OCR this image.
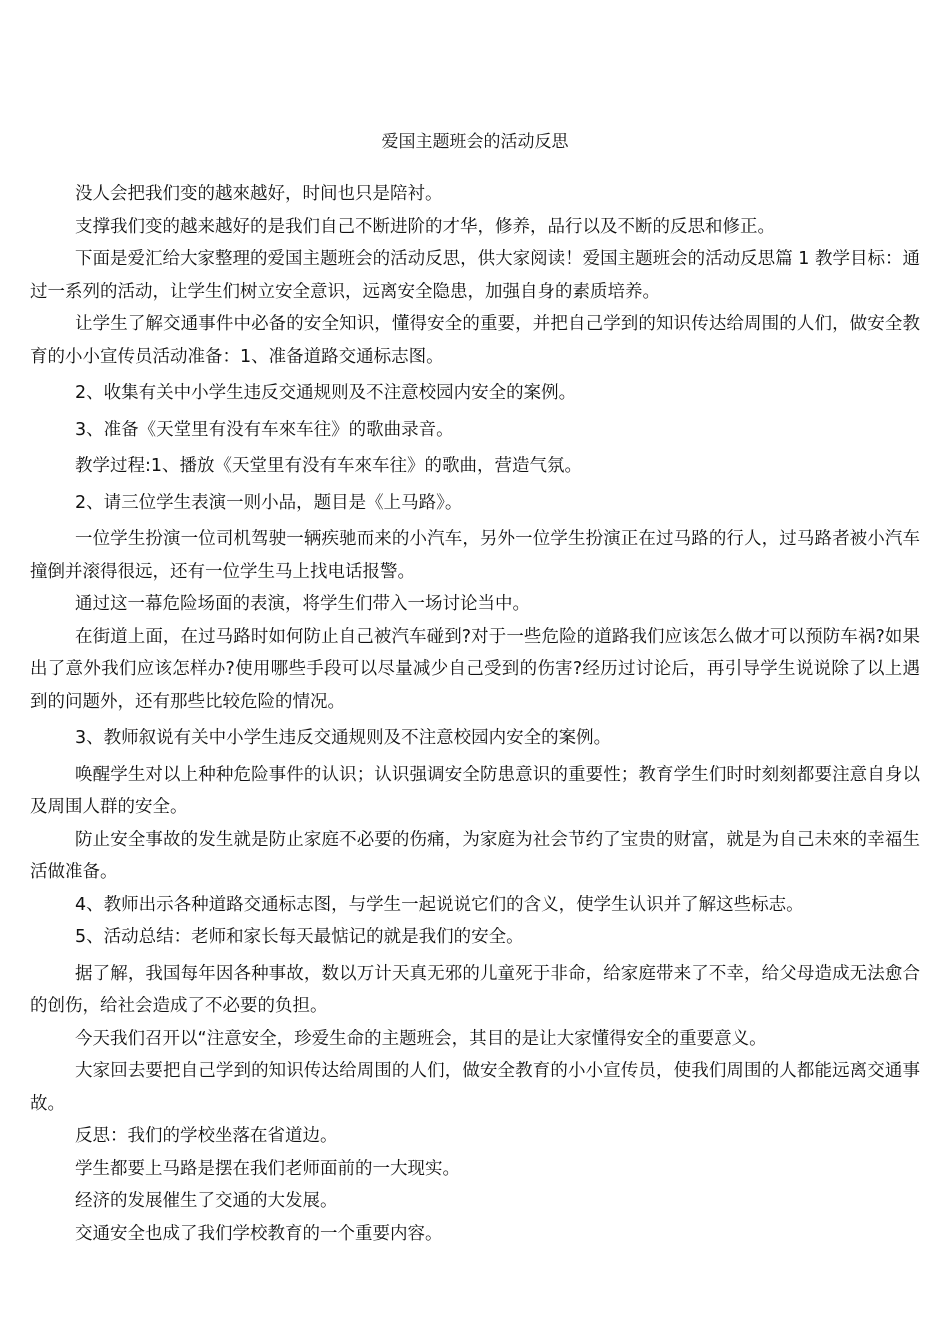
爱国主题班会的活动反思

没人会把我们变的越來越好，时间也只是陪衬。

支撑我们变的越来越好的是我们自己不断进阶的才华，修养，品行以及不断的反思和修正。

下面是爱汇给大家整理的爱国主题班会的活动反思，供大家阅读！爱国主题班会的活动反思篇 1 教学目标：通过一系列的活动，让学生们树立安全意识，远离安全隐患，加强自身的素质培养。

让学生了解交通事件中必备的安全知识，懂得安全的重要，并把自己学到的知识传达给周围的人们，做安全教育的小小宣传员活动准备：1、准备道路交通标志图。

2、收集有关中小学生违反交通规则及不注意校园内安全的案例。

3、准备《天堂里有没有车來车往》的歌曲录音。

教学过程:1、播放《天堂里有没有车來车往》的歌曲，营造气氛。

2、请三位学生表演一则小品，题目是《上马路》。

一位学生扮演一位司机驾驶一辆疾驰而来的小汽车，另外一位学生扮演正在过马路的行人，过马路者被小汽车撞倒并滚得很远，还有一位学生马上找电话报警。

通过这一幕危险场面的表演，将学生们带入一场讨论当中。

在街道上面，在过马路时如何防止自己被汽车碰到?对于一些危险的道路我们应该怎么做才可以预防车祸?如果出了意外我们应该怎样办?使用哪些手段可以尽量减少自己受到的伤害?经历过讨论后，再引导学生说说除了以上遇到的问题外，还有那些比较危险的情况。

3、教师叙说有关中小学生违反交通规则及不注意校园内安全的案例。

唤醒学生对以上种种危险事件的认识；认识强调安全防患意识的重要性；教育学生们时时刻刻都要注意自身以及周围人群的安全。

防止安全事故的发生就是防止家庭不必要的伤痛，为家庭为社会节约了宝贵的财富，就是为自己未來的幸福生活做准备。

4、教师出示各种道路交通标志图，与学生一起说说它们的含义，使学生认识并了解这些标志。

5、活动总结：老师和家长每天最惦记的就是我们的安全。

据了解，我国每年因各种事故，数以万计天真无邪的儿童死于非命，给家庭带来了不幸，给父母造成无法愈合的创伤，给社会造成了不必要的负担。

今天我们召开以“注意安全，珍爱生命的主题班会，其目的是让大家懂得安全的重要意义。

大家回去要把自己学到的知识传达给周围的人们，做安全教育的小小宣传员，使我们周围的人都能远离交通事故。

反思：我们的学校坐落在省道边。

学生都要上马路是摆在我们老师面前的一大现实。

经济的发展催生了交通的大发展。

交通安全也成了我们学校教育的一个重要内容。
